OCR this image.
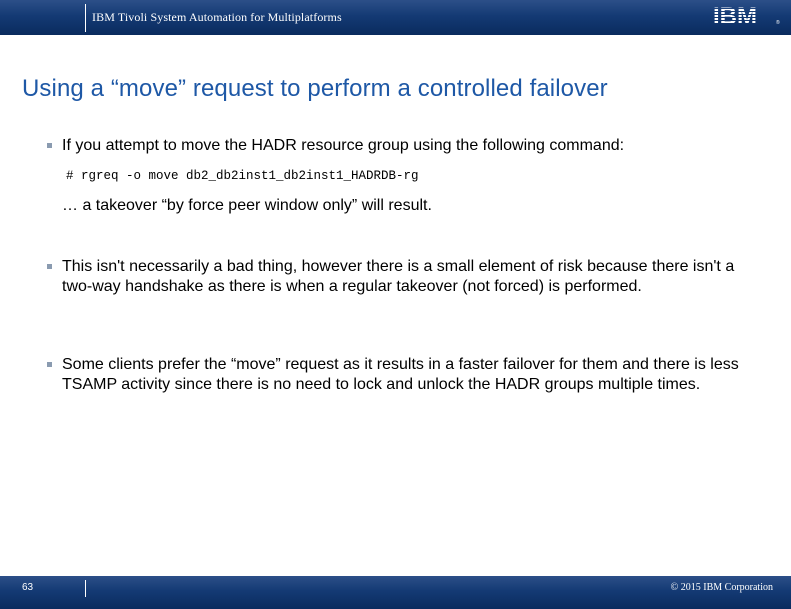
IBM Tivoli System Automation for Multiplatforms	IBM	®
Using a “move” request to perform a controlled failover
If you attempt to move the HADR resource group using the following command:
# rgreq -o move db2_db2inst1_db2inst1_HADRDB-rg
… a takeover “by force peer window only” will result.
This isn't necessarily a bad thing, however there is a small element of risk because there isn't a two-way handshake as there is when a regular takeover (not forced) is performed.
Some clients prefer the “move” request as it results in a faster failover for them and there is less TSAMP activity since there is no need to lock and unlock the HADR groups multiple times.
63	© 2015 IBM Corporation
